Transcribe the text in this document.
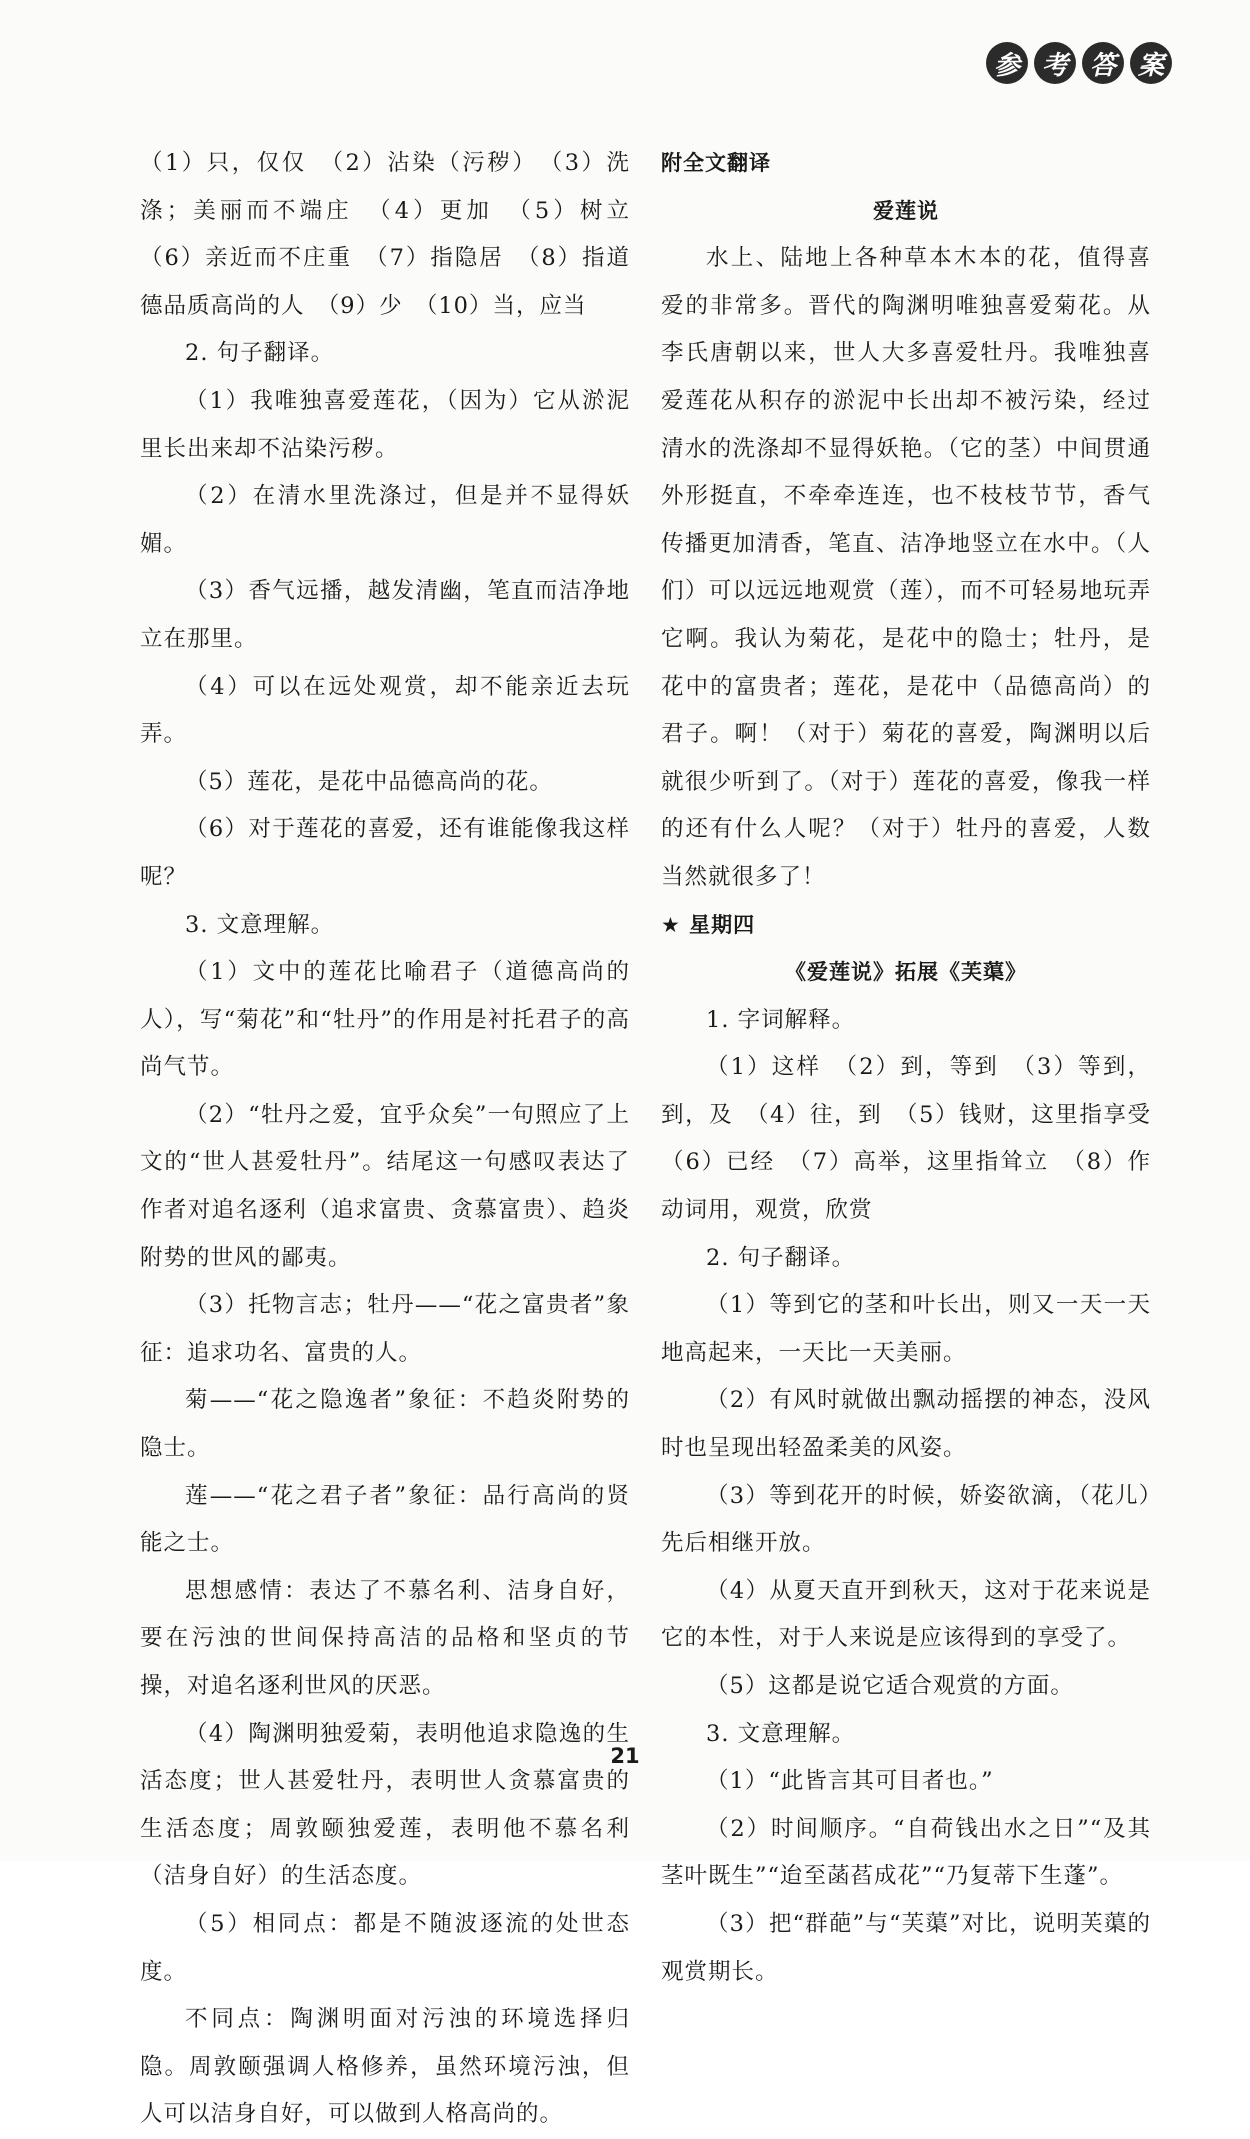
参 考 答 案

（1）只，仅仅　（2）沾染（污秽）　（3）洗涤；美丽而不端庄　（4）更加　（5）树立　（6）亲近而不庄重　（7）指隐居　（8）指道德品质高尚的人　（9）少　（10）当，应当

2. 句子翻译。

（1）我唯独喜爱莲花，（因为）它从淤泥里长出来却不沾染污秽。

（2）在清水里洗涤过，但是并不显得妖媚。

（3）香气远播，越发清幽，笔直而洁净地立在那里。

（4）可以在远处观赏，却不能亲近去玩弄。

（5）莲花，是花中品德高尚的花。

（6）对于莲花的喜爱，还有谁能像我这样呢？

3. 文意理解。

（1）文中的莲花比喻君子（道德高尚的人），写“菊花”和“牡丹”的作用是衬托君子的高尚气节。

（2）“牡丹之爱，宜乎众矣”一句照应了上文的“世人甚爱牡丹”。结尾这一句感叹表达了作者对追名逐利（追求富贵、贪慕富贵）、趋炎附势的世风的鄙夷。

（3）托物言志；牡丹——“花之富贵者”象征：追求功名、富贵的人。

菊——“花之隐逸者”象征：不趋炎附势的隐士。

莲——“花之君子者”象征：品行高尚的贤能之士。

思想感情：表达了不慕名利、洁身自好，要在污浊的世间保持高洁的品格和坚贞的节操，对追名逐利世风的厌恶。

（4）陶渊明独爱菊，表明他追求隐逸的生活态度；世人甚爱牡丹，表明世人贪慕富贵的生活态度；周敦颐独爱莲，表明他不慕名利（洁身自好）的生活态度。

（5）相同点：都是不随波逐流的处世态度。

不同点：陶渊明面对污浊的环境选择归隐。周敦颐强调人格修养，虽然环境污浊，但人可以洁身自好，可以做到人格高尚的。

附全文翻译

爱莲说

水上、陆地上各种草本木本的花，值得喜爱的非常多。晋代的陶渊明唯独喜爱菊花。从李氏唐朝以来，世人大多喜爱牡丹。我唯独喜爱莲花从积存的淤泥中长出却不被污染，经过清水的洗涤却不显得妖艳。（它的茎）中间贯通外形挺直，不牵牵连连，也不枝枝节节，香气传播更加清香，笔直、洁净地竖立在水中。（人们）可以远远地观赏（莲），而不可轻易地玩弄它啊。我认为菊花，是花中的隐士；牡丹，是花中的富贵者；莲花，是花中（品德高尚）的君子。啊！（对于）菊花的喜爱，陶渊明以后就很少听到了。（对于）莲花的喜爱，像我一样的还有什么人呢？（对于）牡丹的喜爱，人数当然就很多了！

★ 星期四

《爱莲说》拓展《芙蕖》

1. 字词解释。

（1）这样　（2）到，等到　（3）等到，到，及　（4）往，到　（5）钱财，这里指享受　（6）已经　（7）高举，这里指耸立　（8）作动词用，观赏，欣赏

2. 句子翻译。

（1）等到它的茎和叶长出，则又一天一天地高起来，一天比一天美丽。

（2）有风时就做出飘动摇摆的神态，没风时也呈现出轻盈柔美的风姿。

（3）等到花开的时候，娇姿欲滴，（花儿）先后相继开放。

（4）从夏天直开到秋天，这对于花来说是它的本性，对于人来说是应该得到的享受了。

（5）这都是说它适合观赏的方面。

3. 文意理解。

（1）“此皆言其可目者也。”

（2）时间顺序。“自荷钱出水之日”“及其茎叶既生”“迨至菡萏成花”“乃复蒂下生蓬”。

（3）把“群葩”与“芙蕖”对比，说明芙蕖的观赏期长。

21
